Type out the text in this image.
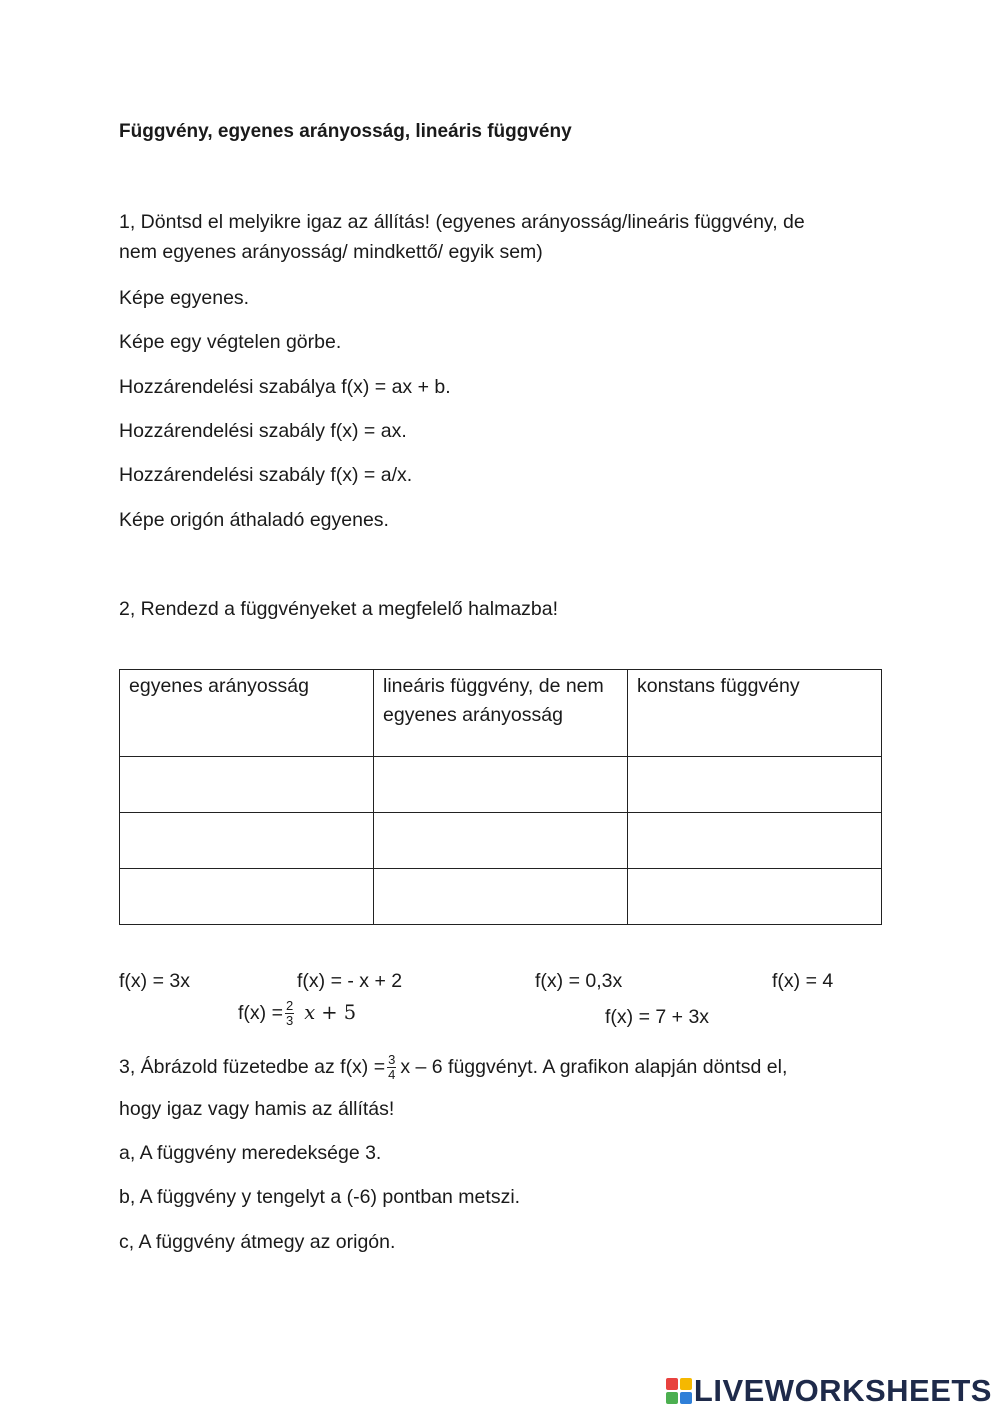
Függvény, egyenes arányosság, lineáris függvény
1, Döntsd el melyikre igaz az állítás! (egyenes arányosság/lineáris függvény, de
nem egyenes arányosság/ mindkettő/ egyik sem)
Képe egyenes.
Képe egy végtelen görbe.
Hozzárendelési szabálya f(x) = ax + b.
Hozzárendelési szabály f(x) = ax.
Hozzárendelési szabály f(x) = a/x.
Képe origón áthaladó egyenes.
2, Rendezd a függvényeket a megfelelő halmazba!
egyenes arányosság	lineáris függvény, de nem egyenes arányosság	konstans függvény

f(x) = 3x	f(x) = - x + 2	f(x) = 0,3x	f(x) = 4
$f(x) = \frac{2}{3}$ x + 5	f(x) = 7 + 3x
3, Ábrázold füzetedbe az $f(x) = \frac{3}{4}$ x – 6 függvényt. A grafikon alapján döntsd el,
hogy igaz vagy hamis az állítás!
a, A függvény meredeksége 3.
b, A függvény y tengelyt a (-6) pontban metszi.
c, A függvény átmegy az origón.
LIVEWORKSHEETS
